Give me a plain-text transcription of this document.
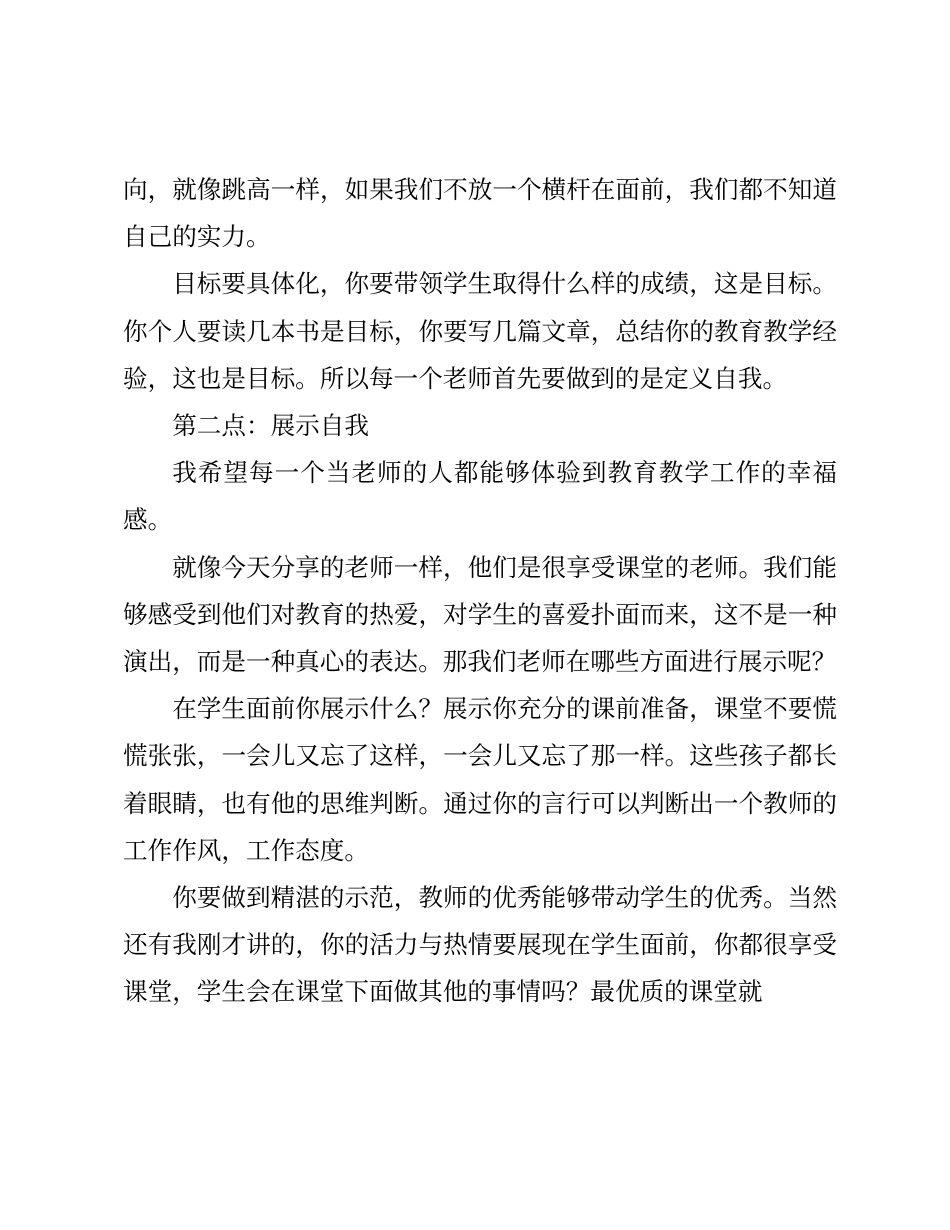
向，就像跳高一样，如果我们不放一个横杆在面前，我们都不知道自己的实力。

目标要具体化，你要带领学生取得什么样的成绩，这是目标。你个人要读几本书是目标，你要写几篇文章，总结你的教育教学经验，这也是目标。所以每一个老师首先要做到的是定义自我。

第二点：展示自我

我希望每一个当老师的人都能够体验到教育教学工作的幸福感。

就像今天分享的老师一样，他们是很享受课堂的老师。我们能够感受到他们对教育的热爱，对学生的喜爱扑面而来，这不是一种演出，而是一种真心的表达。那我们老师在哪些方面进行展示呢？

在学生面前你展示什么？展示你充分的课前准备，课堂不要慌慌张张，一会儿又忘了这样，一会儿又忘了那一样。这些孩子都长着眼睛，也有他的思维判断。通过你的言行可以判断出一个教师的工作作风，工作态度。

你要做到精湛的示范，教师的优秀能够带动学生的优秀。当然还有我刚才讲的，你的活力与热情要展现在学生面前，你都很享受课堂，学生会在课堂下面做其他的事情吗？最优质的课堂就
